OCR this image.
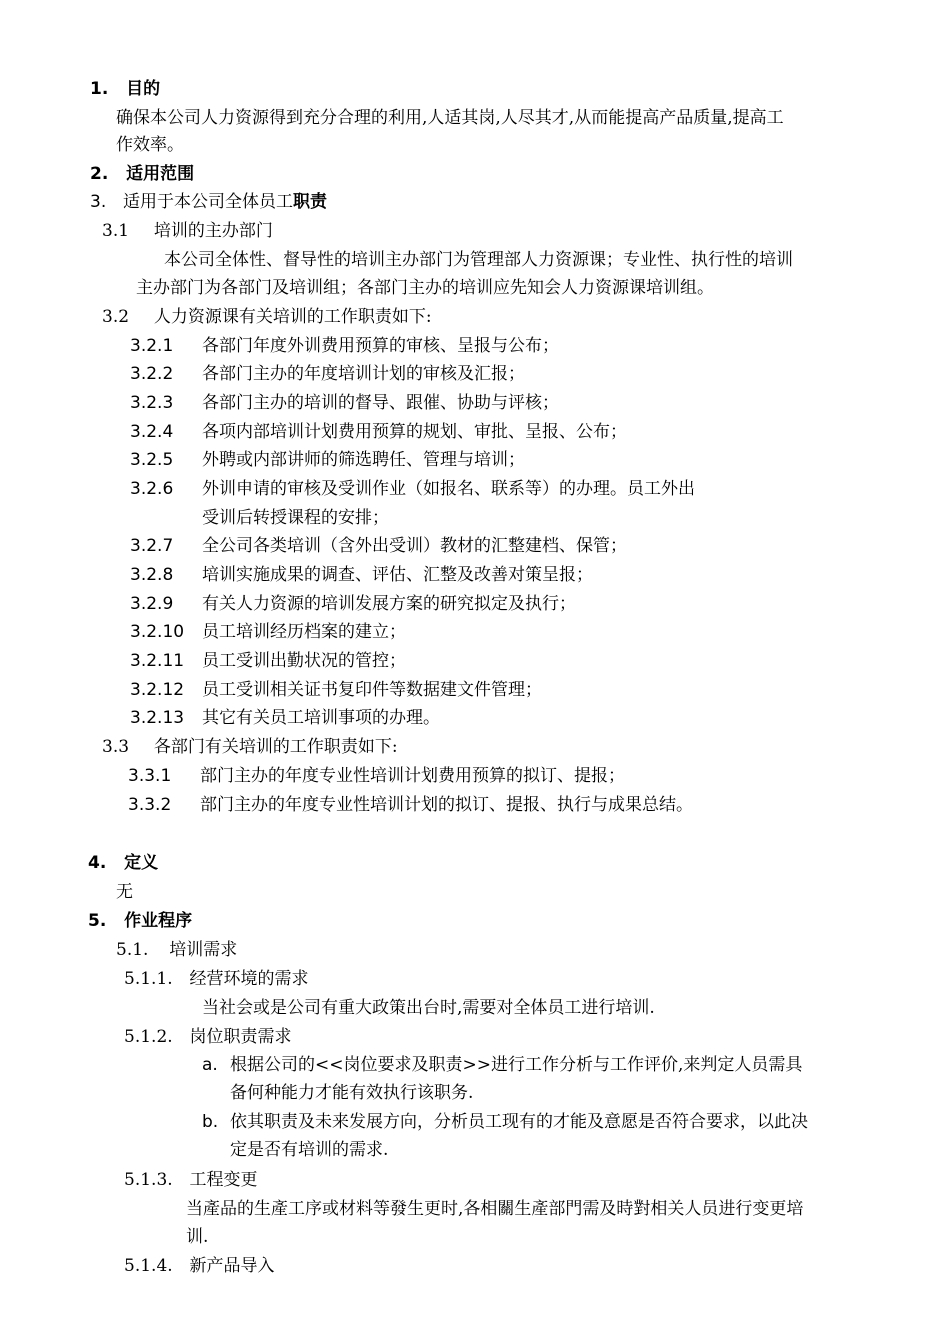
1. 目的
确保本公司人力资源得到充分合理的利用,人适其岗,人尽其才,从而能提高产品质量,提高工
作效率。
2. 适用范围
3. 适用于本公司全体员工职责
3.1 培训的主办部门
本公司全体性、督导性的培训主办部门为管理部人力资源课；专业性、执行性的培训
主办部门为各部门及培训组；各部门主办的培训应先知会人力资源课培训组。
3.2 人力资源课有关培训的工作职责如下:
3.2.1 各部门年度外训费用预算的审核、呈报与公布；
3.2.2 各部门主办的年度培训计划的审核及汇报；
3.2.3 各部门主办的培训的督导、跟催、协助与评核；
3.2.4 各项内部培训计划费用预算的规划、审批、呈报、公布；
3.2.5 外聘或内部讲师的筛选聘任、管理与培训；
3.2.6 外训申请的审核及受训作业（如报名、联系等）的办理。员工外出
受训后转授课程的安排；
3.2.7 全公司各类培训（含外出受训）教材的汇整建档、保管；
3.2.8 培训实施成果的调查、评估、汇整及改善对策呈报；
3.2.9 有关人力资源的培训发展方案的研究拟定及执行；
3.2.10 员工培训经历档案的建立；
3.2.11 员工受训出勤状况的管控；
3.2.12 员工受训相关证书复印件等数据建文件管理；
3.2.13 其它有关员工培训事项的办理。
3.3 各部门有关培训的工作职责如下:
3.3.1 部门主办的年度专业性培训计划费用预算的拟订、提报；
3.3.2 部门主办的年度专业性培训计划的拟订、提报、执行与成果总结。
4. 定义
无
5. 作业程序
5.1. 培训需求
5.1.1. 经营环境的需求
当社会或是公司有重大政策出台时,需要对全体员工进行培训.
5.1.2. 岗位职责需求
a. 根据公司的<<岗位要求及职责>>进行工作分析与工作评价,来判定人员需具
备何种能力才能有效执行该职务.
b. 依其职责及未来发展方向，分析员工现有的才能及意愿是否符合要求，以此决
定是否有培训的需求.
5.1.3. 工程变更
当產品的生產工序或材料等發生更时,各相關生產部門需及時對相关人员进行变更培
训.
5.1.4. 新产品导入
